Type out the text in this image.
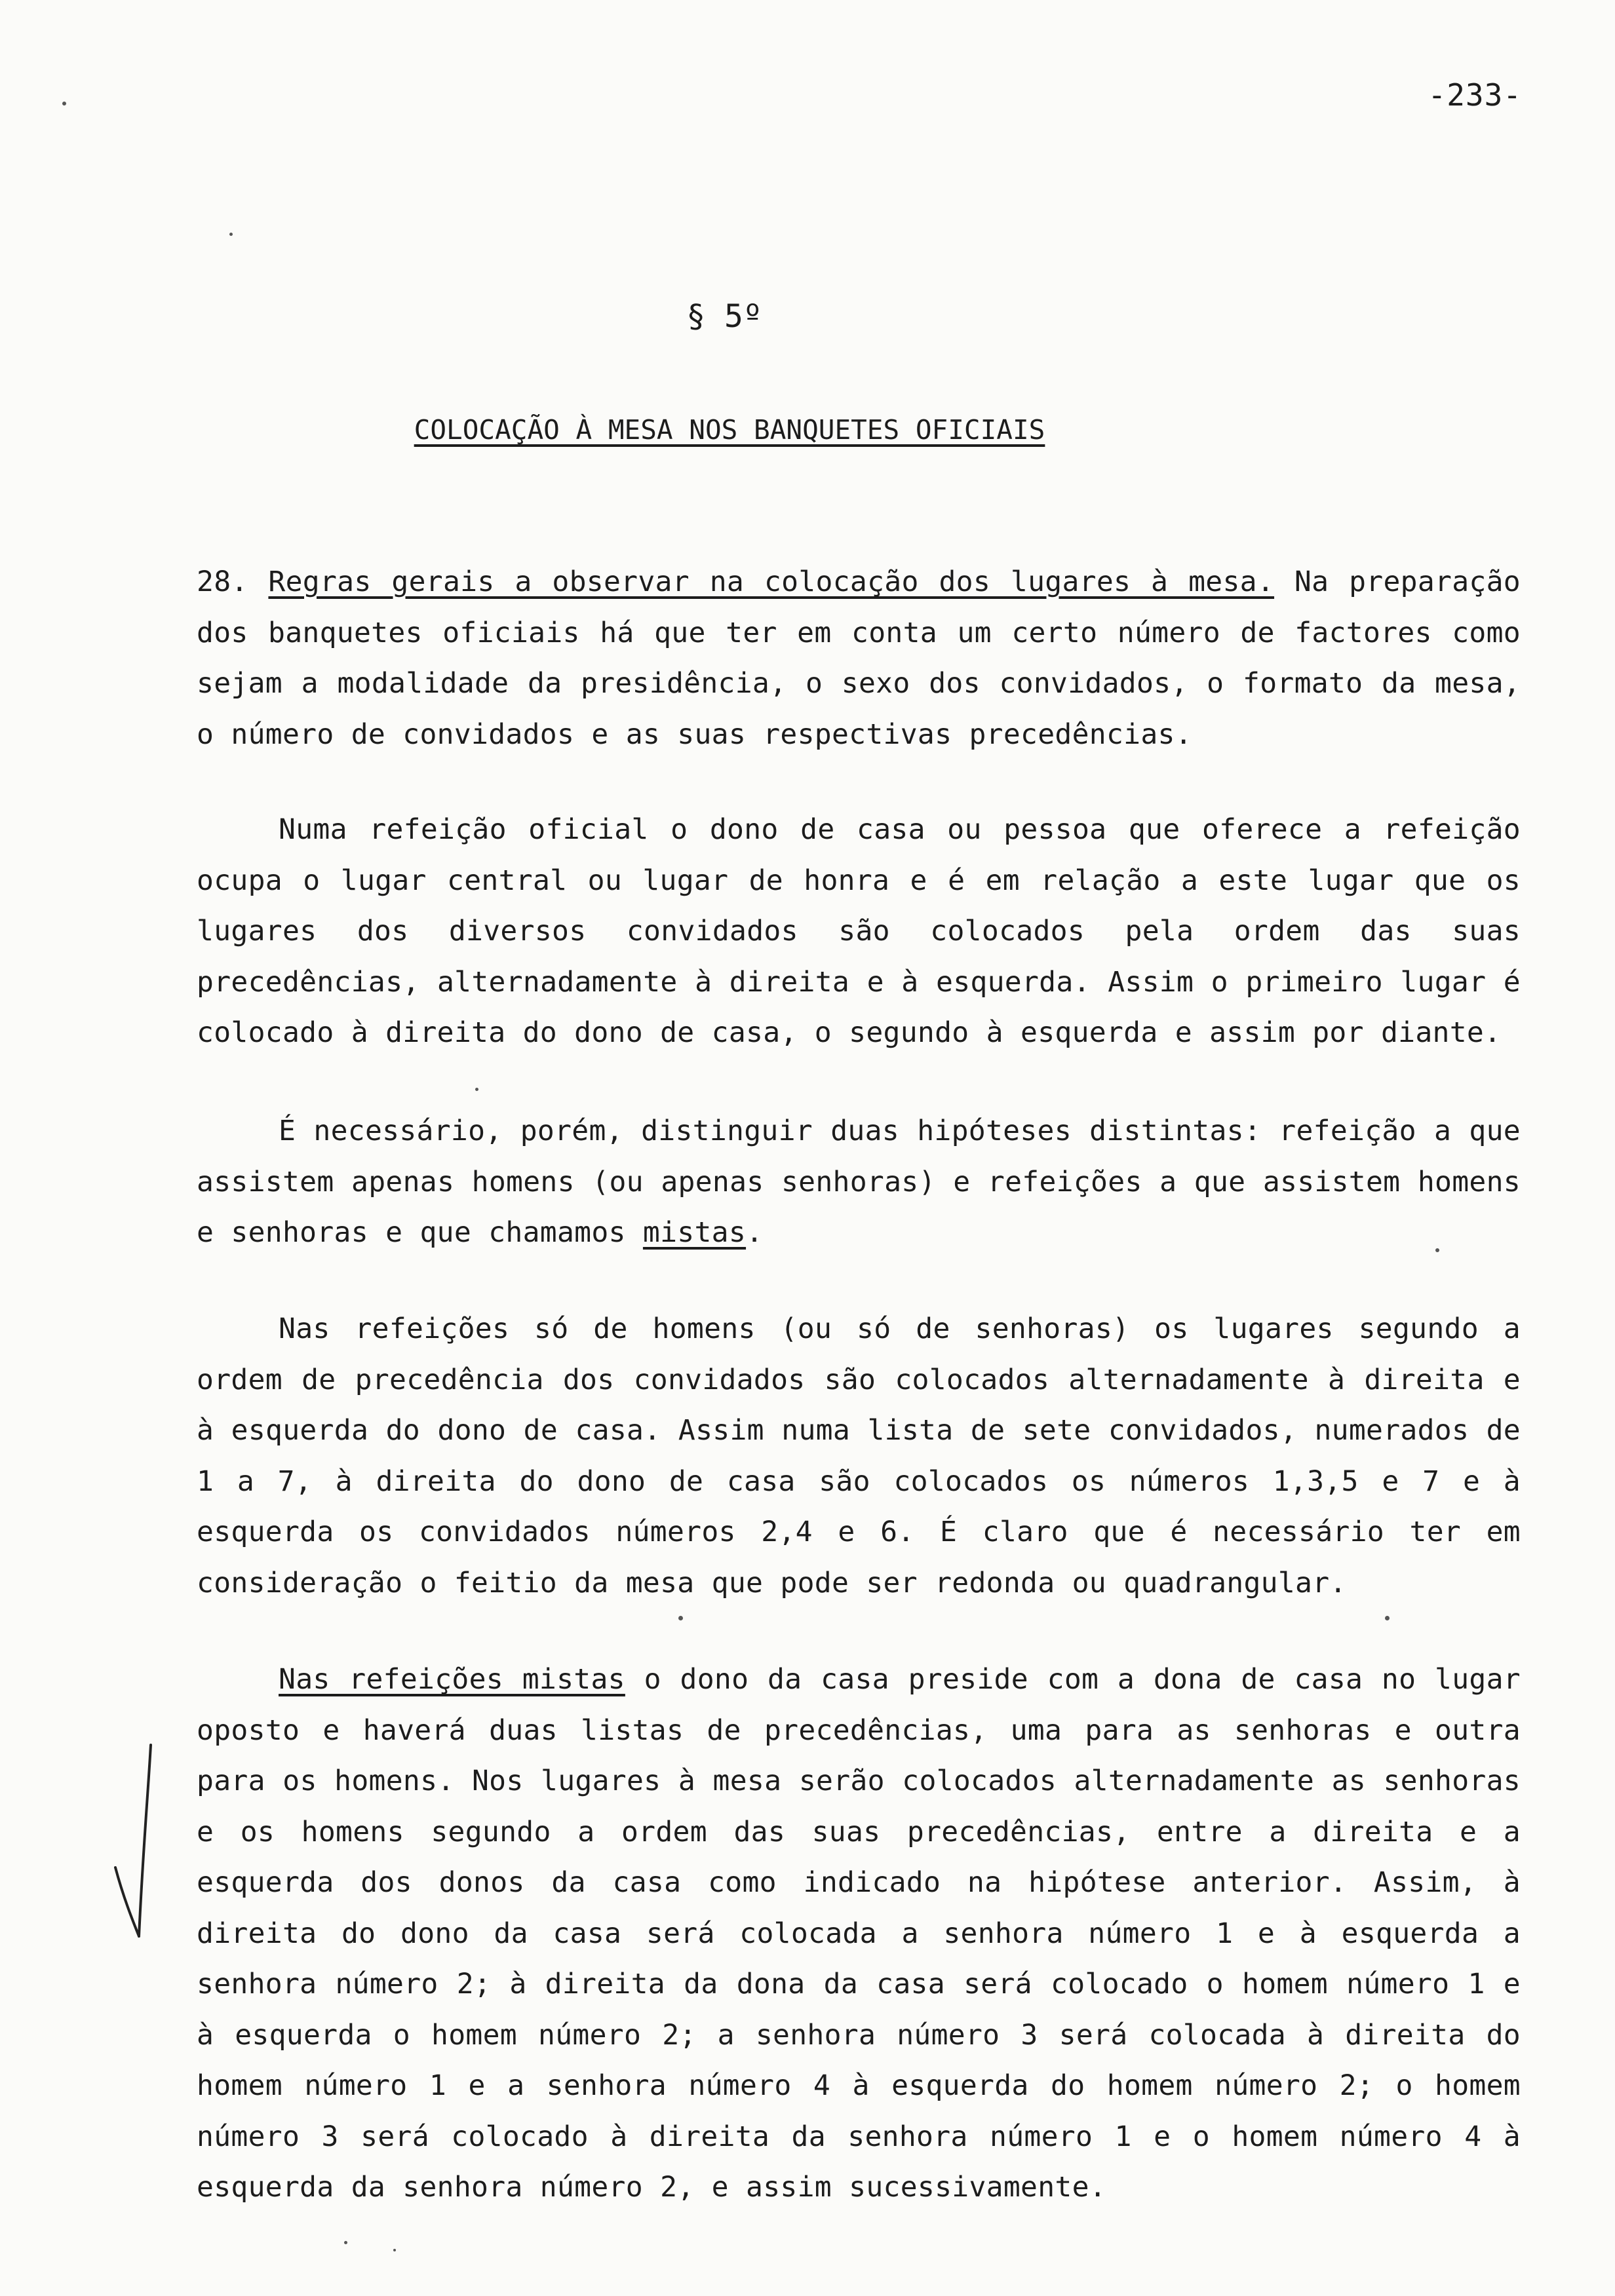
-233-
§ 5º
COLOCAÇÃO À MESA NOS BANQUETES OFICIAIS
28. Regras gerais a observar na colocação dos lugares à mesa. Na preparação dos banquetes oficiais há que ter em conta um certo número de factores como sejam a modalidade da presidência, o sexo dos convidados, o formato da mesa, o número de convidados e as suas respectivas precedências.
Numa refeição oficial o dono de casa ou pessoa que oferece a refeição ocupa o lugar central ou lugar de honra e é em relação a este lugar que os lugares dos diversos convidados são colocados pela ordem das suas precedências, alternadamente à direita e à esquerda. Assim o primeiro lugar é colocado à direita do dono de casa, o segundo à esquerda e assim por diante.
É necessário, porém, distinguir duas hipóteses distintas: refeição a que assistem apenas homens (ou apenas senhoras) e refeições a que assistem homens e senhoras e que chamamos mistas.
Nas refeições só de homens (ou só de senhoras) os lugares segundo a ordem de precedência dos convidados são colocados alternadamente à direita e à esquerda do dono de casa. Assim numa lista de sete convidados, numerados de 1 a 7, à direita do dono de casa são colocados os números 1,3,5 e 7 e à esquerda os convidados números 2,4 e 6. É claro que é necessário ter em consideração o feitio da mesa que pode ser redonda ou quadrangular.
Nas refeições mistas o dono da casa preside com a dona de casa no lugar oposto e haverá duas listas de precedências, uma para as senhoras e outra para os homens. Nos lugares à mesa serão colocados alternadamente as senhoras e os homens segundo a ordem das suas precedências, entre a direita e a esquerda dos donos da casa como indicado na hipótese anterior. Assim, à direita do dono da casa será colocada a senhora número 1 e à esquerda a senhora número 2; à direita da dona da casa será colocado o homem número 1 e à esquerda o homem número 2; a senhora número 3 será colocada à direita do homem número 1 e a senhora número 4 à esquerda do homem número 2; o homem número 3 será colocado à direita da senhora número 1 e o homem número 4 à esquerda da senhora número 2, e assim sucessivamente.
